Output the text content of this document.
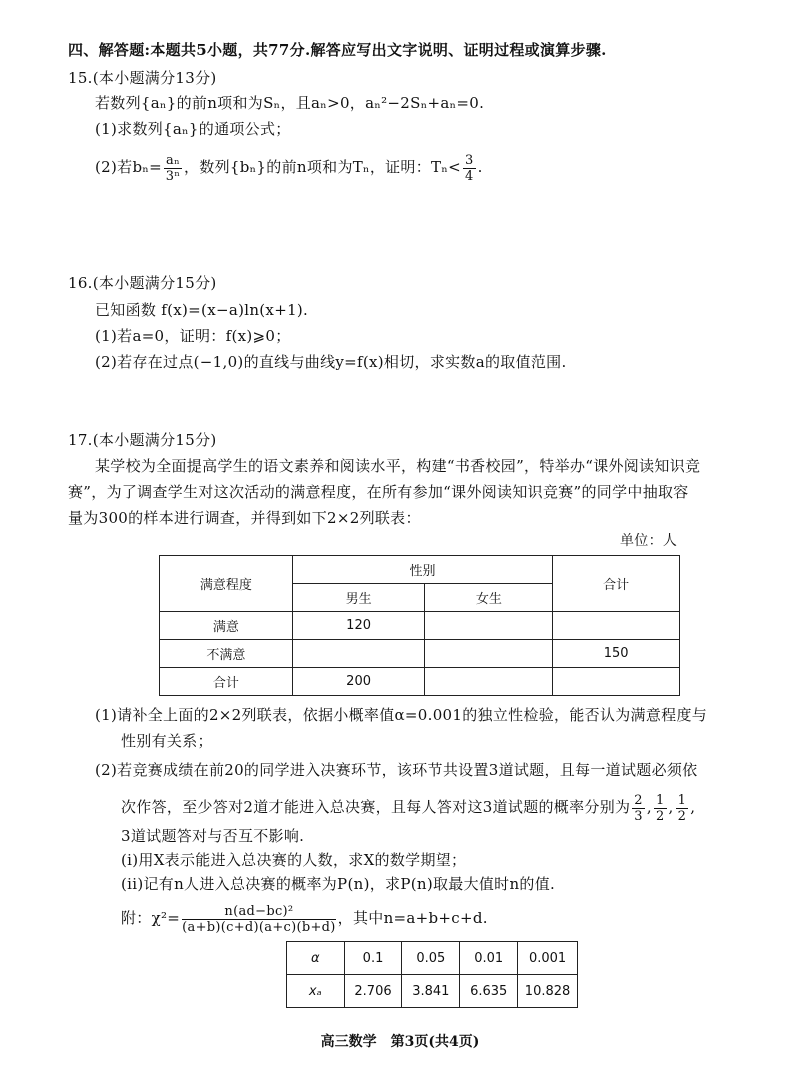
四、解答题:本题共5小题，共77分.解答应写出文字说明、证明过程或演算步骤.
15.(本小题满分13分)
若数列{aₙ}的前n项和为Sₙ，且aₙ>0，aₙ²−2Sₙ+aₙ=0.
(1)求数列{aₙ}的通项公式；
(2)若$b_n= \frac{\text{aₙ}}{\text{3ⁿ}}$ ，数列{bₙ}的前n项和为Tₙ，证明：$T_n< \frac{3}{4}$ .
16.(本小题满分15分)
已知函数 f(x)=(x−a)ln(x+1).
(1)若a=0，证明：f(x)⩾0；
(2)若存在过点(−1,0)的直线与曲线y=f(x)相切，求实数a的取值范围.
17.(本小题满分15分)
某学校为全面提高学生的语文素养和阅读水平，构建“书香校园”，特举办“课外阅读知识竞
赛”，为了调查学生对这次活动的满意程度，在所有参加“课外阅读知识竞赛”的同学中抽取容
量为300的样本进行调查，并得到如下2×2列联表：
单位：人
满意程度	性别		合计
	男生	女生	
满意	120		
不满意			150
合计	200		
(1)请补全上面的2×2列联表，依据小概率值α=0.001的独立性检验，能否认为满意程度与
性别有关系；
(2)若竞赛成绩在前20的同学进入决赛环节，该环节共设置3道试题，且每一道试题必须依
次作答，至少答对2道才能进入总决赛，且每人答对这3道试题的概率分别为 $\frac{2}{3}$ , $\frac{1}{2}$ , $\frac{1}{2}$ ,
3道试题答对与否互不影响.
(i)用X表示能进入总决赛的人数，求X的数学期望；
(ii)记有n人进入总决赛的概率为P(n)，求P(n)取最大值时n的值.
附：$\chi^2= \frac{\text{n(ad−bc)²}}{(a+b)(c+d)(a+c)(b+d)}$ ，其中n=a+b+c+d.
α	0.1	0.05	0.01	0.001
xₐ	2.706	3.841	6.635	10.828
高三数学　第3页(共4页)
